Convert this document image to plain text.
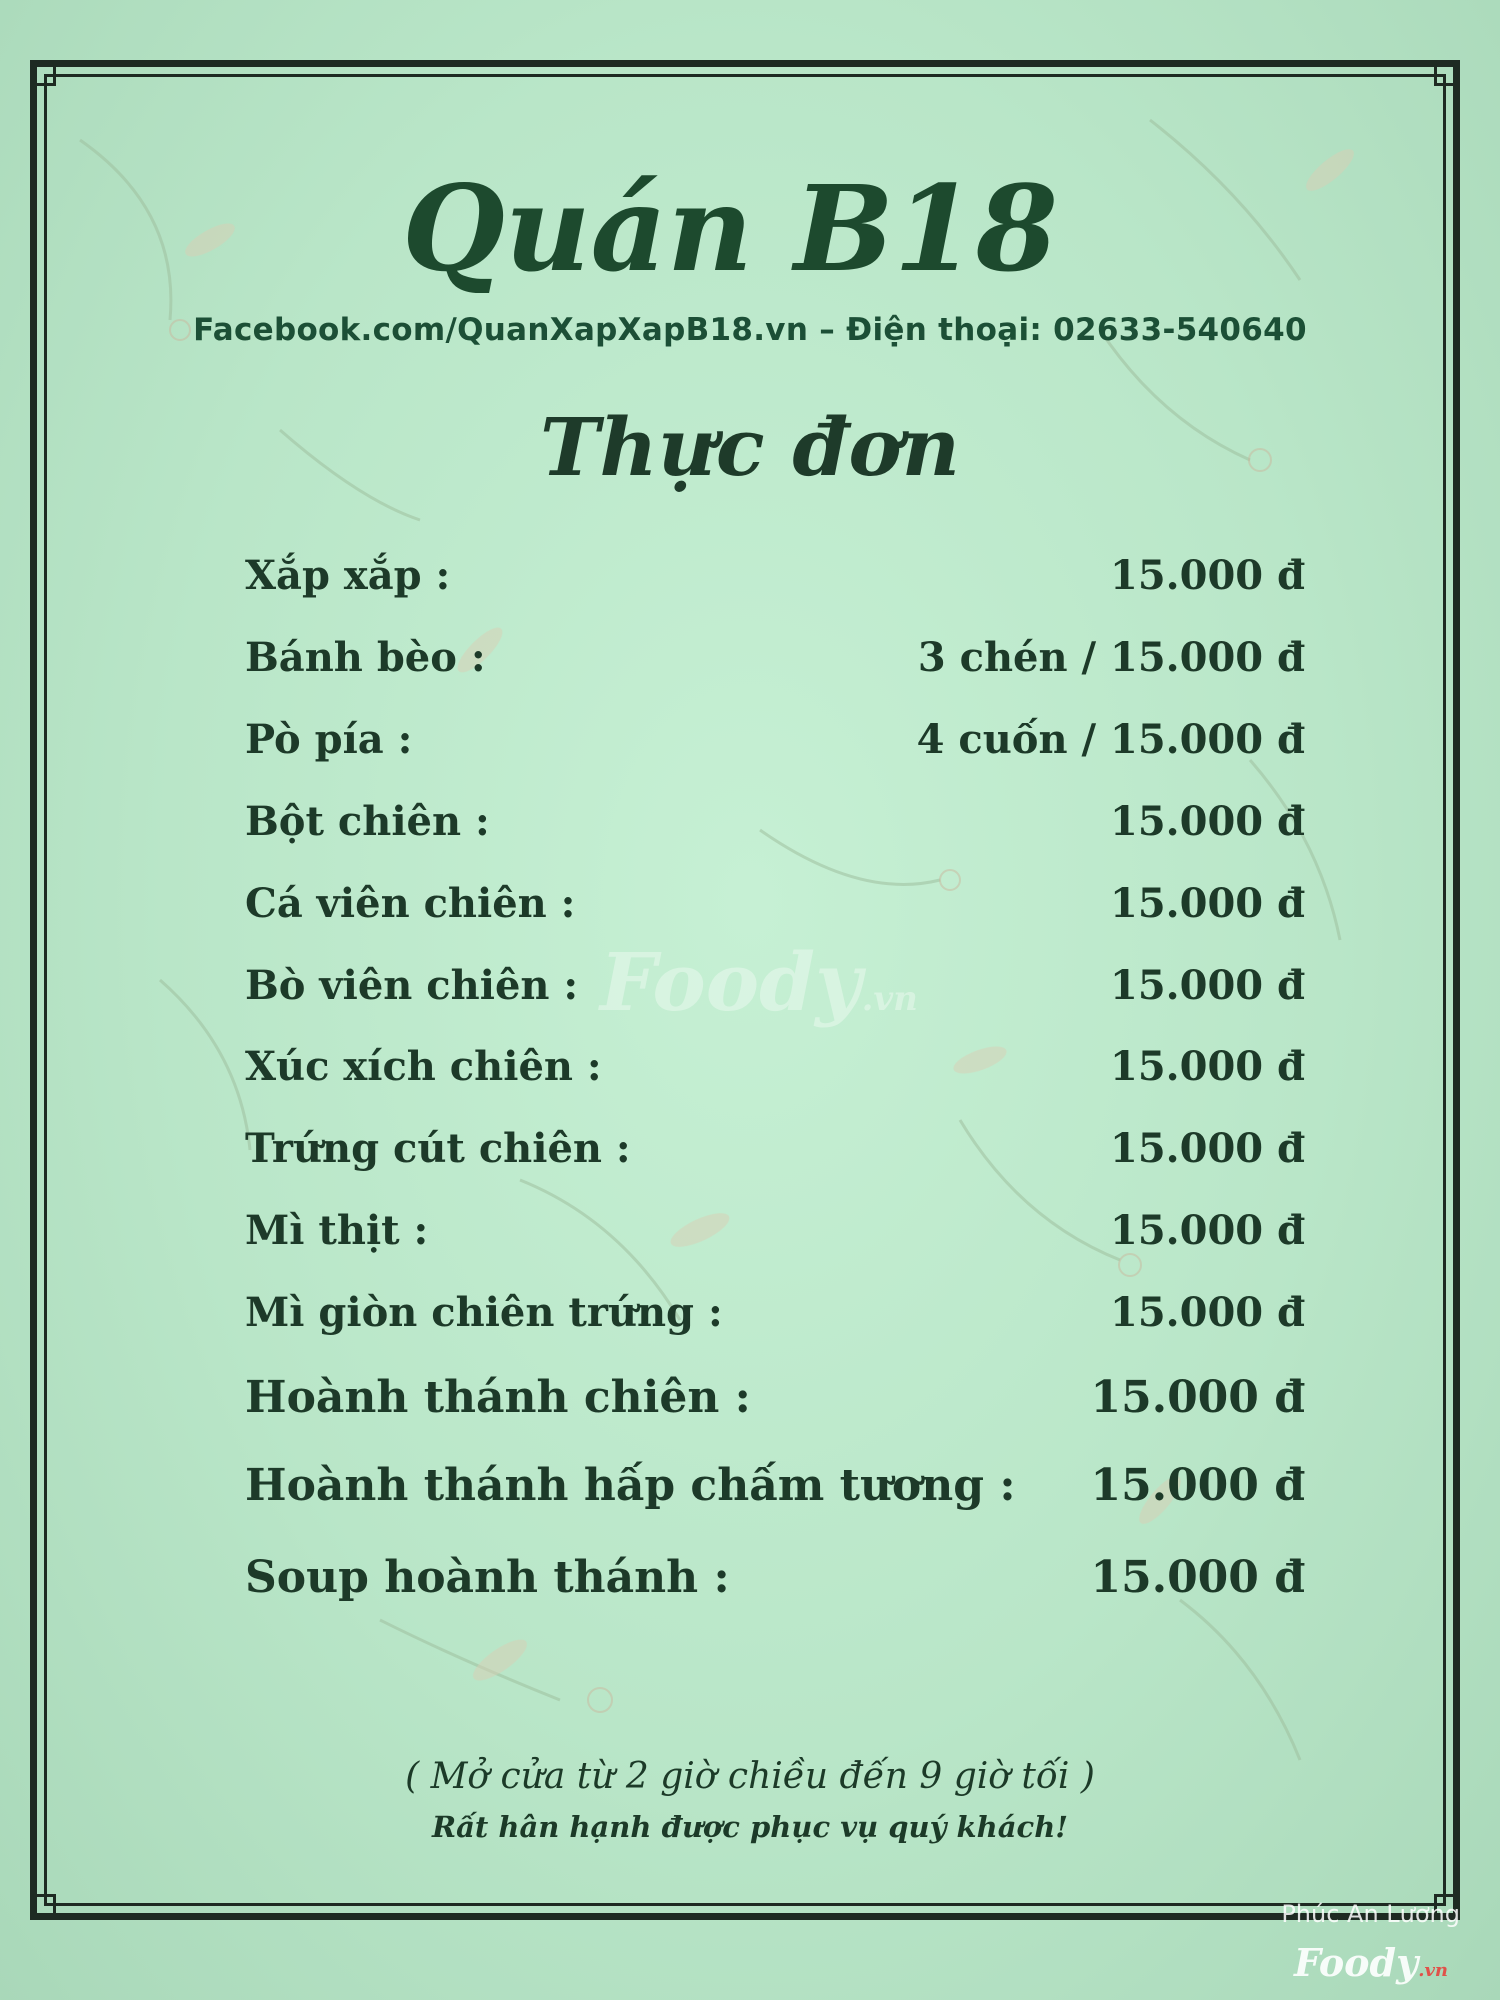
Quán B18
Facebook.com/QuanXapXapB18.vn – Điện thoại: 02633-540640
Thực đơn
Xắp xắp :	15.000 đ
Bánh bèo :	3 chén / 15.000 đ
Pò pía :	4 cuốn / 15.000 đ
Bột chiên :	15.000 đ
Cá viên chiên :	15.000 đ
Bò viên chiên :	15.000 đ
Xúc xích chiên :	15.000 đ
Trứng cút chiên :	15.000 đ
Mì thịt :	15.000 đ
Mì giòn chiên trứng :	15.000 đ
Hoành thánh chiên :	15.000 đ
Hoành thánh hấp chấm tương : 15.000 đ
Soup hoành thánh :	15.000 đ
( Mở cửa từ 2 giờ chiều đến 9 giờ tối )
Rất hân hạnh được phục vụ quý khách!
Foody.vn
Phúc An Lương
Foody.vn
